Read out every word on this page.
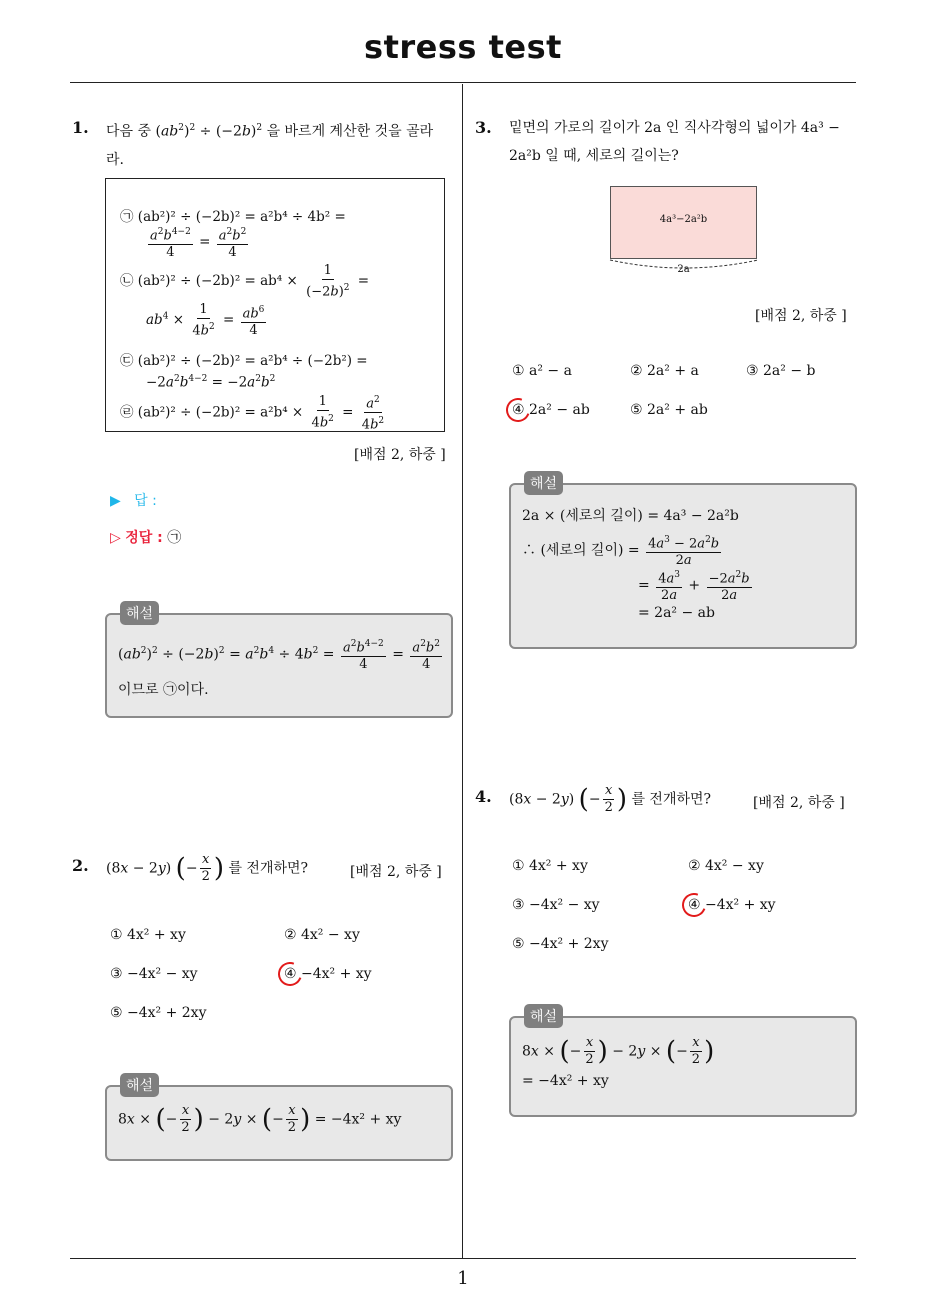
stress test
1
1. 다음 중 $(ab^2)^2 \div (-2b)^2$ 을 바르게 계산한 것을 골라
라.
㉠ (ab²)² ÷ (−2b)² = a²b⁴ ÷ 4b² =
$\frac{a^2b^{4-2}}{4} = \frac{a^2b^2}{4}$
㉡ $(ab^2)^2 \div (-2b)^2 = ab^4 \times \frac{1}{(-2b)^2}$ =
$ab^4 \times \frac{1}{4b^2} = \frac{ab^6}{4}$
㉢ (ab²)² ÷ (−2b)² = a²b⁴ ÷ (−2b²) =
$-2a^2b^{4-2} = -2a^2b^2$
㉣ $(ab^2)^2 \div (-2b)^2 = a^2b^4 \times \frac{1}{4b^2} = \frac{a^2}{4b^2}$
[배점 2, 하중 ]
▶ 답 :
▷ 정답 : ㉠
해설
$(ab^2)^2 \div (-2b)^2 = a^2b^4 \div 4b^2 = \frac{a^2b^{4-2}}{4} = \frac{a^2b^2}{4}$
이므로 ㉠이다.
2. (8x − 2y) (− $\frac{x}{2}$ ) 를 전개하면?	[배점 2, 하중 ]
① 4x² + xy	② 4x² − xy
③ −4x² − xy	④ −4x² + xy
⑤ −4x² + 2xy
해설
8x × (− $\frac{x}{2}$ ) − 2y × (− $\frac{x}{2}$ ) = −4x² + xy
3. 밑면의 가로의 길이가 2a 인 직사각형의 넓이가 4a³ −
2a²b 일 때, 세로의 길이는?
4a³−2a²b
2a
[배점 2, 하중 ]
① a² − a	② 2a² + a	③ 2a² − b
④ 2a² − ab	⑤ 2a² + ab
해설
2a × (세로의 길이) = 4a³ − 2a²b
∴ (세로의 길이) = $\frac{4a^3 - 2a^2b}{2a}$
= $\frac{4a^3}{2a} + \frac{-2a^2b}{2a}$
= 2a² − ab
4. (8x − 2y) (− $\frac{x}{2}$ ) 를 전개하면?	[배점 2, 하중 ]
① 4x² + xy	② 4x² − xy
③ −4x² − xy	④ −4x² + xy
⑤ −4x² + 2xy
해설
8x × (− $\frac{x}{2}$ ) − 2y × (− $\frac{x}{2}$ )
= −4x² + xy
